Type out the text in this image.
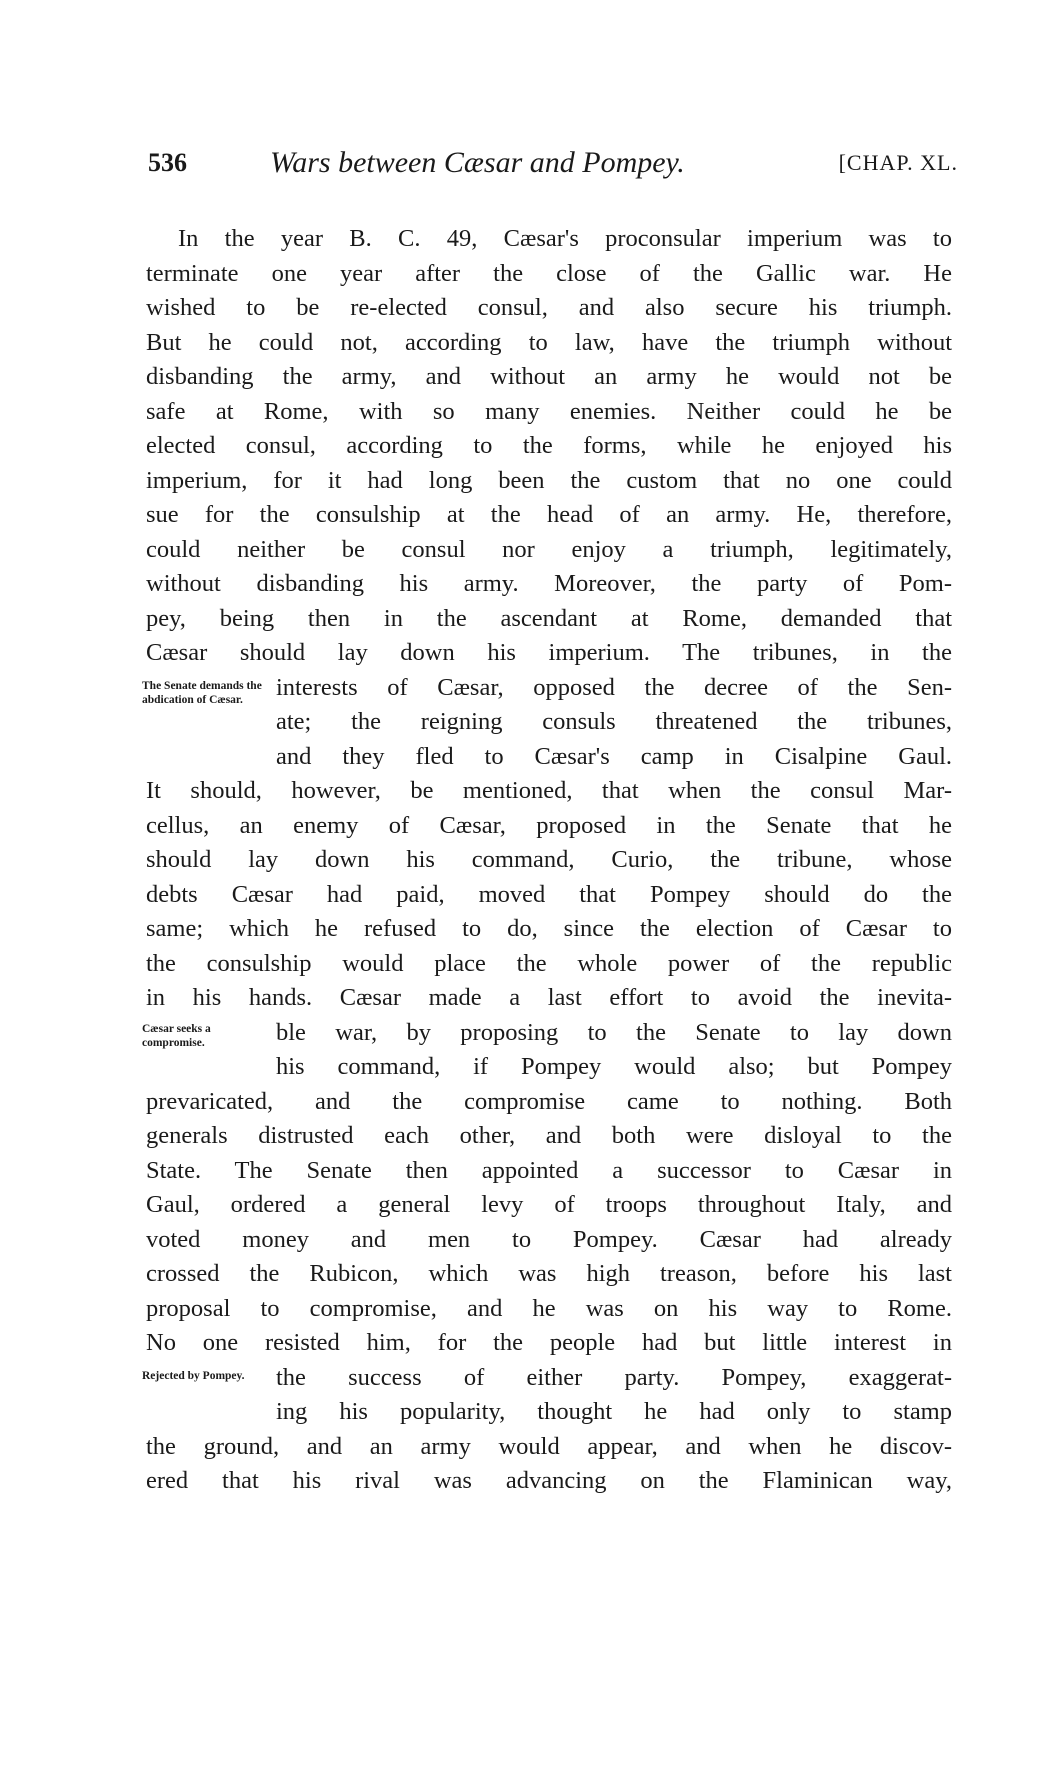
536	Wars between Cæsar and Pompey.	[CHAP. XL.
In the year B. C. 49, Cæsar's proconsular imperium was to
terminate one year after the close of the Gallic war. He
wished to be re-elected consul, and also secure his triumph.
But he could not, according to law, have the triumph without
disbanding the army, and without an army he would not be
safe at Rome, with so many enemies. Neither could he be
elected consul, according to the forms, while he enjoyed his
imperium, for it had long been the custom that no one could
sue for the consulship at the head of an army. He, therefore,
could neither be consul nor enjoy a triumph, legitimately,
without disbanding his army. Moreover, the party of Pom-
pey, being then in the ascendant at Rome, demanded that
Cæsar should lay down his imperium. The tribunes, in the
The Senate demands the abdication of Cæsar.	interests of Cæsar, opposed the decree of the Sen-
ate; the reigning consuls threatened the tribunes,
and they fled to Cæsar's camp in Cisalpine Gaul.
It should, however, be mentioned, that when the consul Mar-
cellus, an enemy of Cæsar, proposed in the Senate that he
should lay down his command, Curio, the tribune, whose
debts Cæsar had paid, moved that Pompey should do the
same; which he refused to do, since the election of Cæsar to
the consulship would place the whole power of the republic
in his hands. Cæsar made a last effort to avoid the inevita-
Cæsar seeks a compromise.	ble war, by proposing to the Senate to lay down
his command, if Pompey would also; but Pompey
prevaricated, and the compromise came to nothing. Both
generals distrusted each other, and both were disloyal to the
State. The Senate then appointed a successor to Cæsar in
Gaul, ordered a general levy of troops throughout Italy, and
voted money and men to Pompey. Cæsar had already
crossed the Rubicon, which was high treason, before his last
proposal to compromise, and he was on his way to Rome.
No one resisted him, for the people had but little interest in
Rejected by Pompey.	the success of either party. Pompey, exaggerat-
ing his popularity, thought he had only to stamp
the ground, and an army would appear, and when he discov-
ered that his rival was advancing on the Flaminican way,
